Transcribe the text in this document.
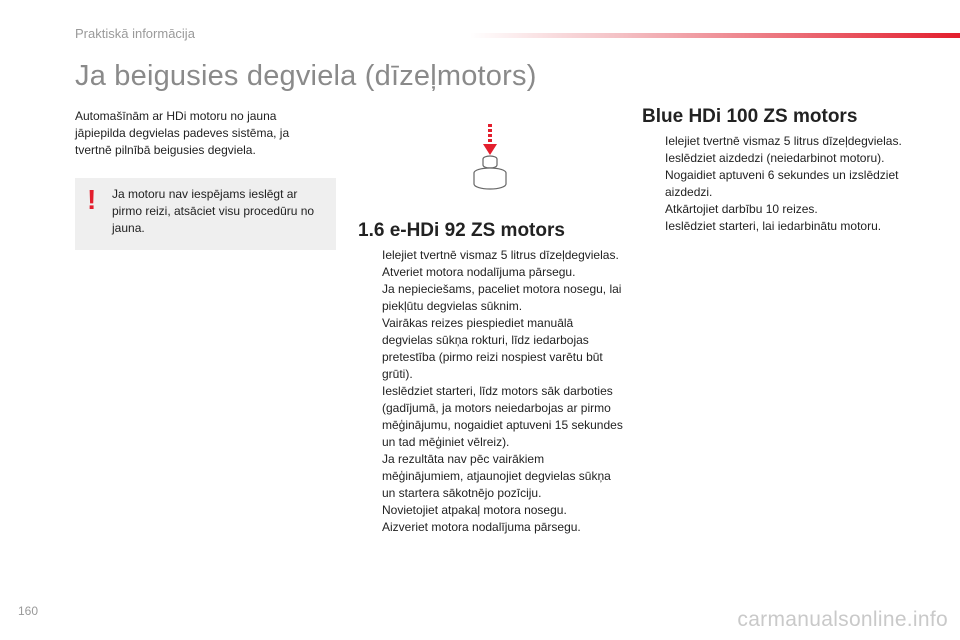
Praktiskā informācija
Ja beigusies degviela (dīzeļmotors)
Automašīnām ar HDi motoru no jauna jāpiepilda degvielas padeves sistēma, ja tvertnē pilnībā beigusies degviela.
! Ja motoru nav iespējams ieslēgt ar pirmo reizi, atsāciet visu procedūru no jauna.	1.6 e-HDi 92 ZS motors
Ielejiet tvertnē vismaz 5 litrus dīzeļdegvielas.
Atveriet motora nodalījuma pārsegu.
Ja nepieciešams, paceliet motora nosegu, lai piekļūtu degvielas sūknim.
Vairākas reizes piespiediet manuālā degvielas sūkņa rokturi, līdz iedarbojas pretestība (pirmo reizi nospiest varētu būt grūti).
Ieslēdziet starteri, līdz motors sāk darboties (gadījumā, ja motors neiedarbojas ar pirmo mēģinājumu, nogaidiet aptuveni 15 sekundes un tad mēģiniet vēlreiz).
Ja rezultāta nav pēc vairākiem mēģinājumiem, atjaunojiet degvielas sūkņa un startera sākotnējo pozīciju.
Novietojiet atpakaļ motora nosegu.
Aizveriet motora nodalījuma pārsegu.
Blue HDi 100 ZS motors
Ielejiet tvertnē vismaz 5 litrus dīzeļdegvielas.
Ieslēdziet aizdedzi (neiedarbinot motoru).
Nogaidiet aptuveni 6 sekundes un izslēdziet aizdedzi.
Atkārtojiet darbību 10 reizes.
Ieslēdziet starteri, lai iedarbinātu motoru.
160	carmanualsonline.info
